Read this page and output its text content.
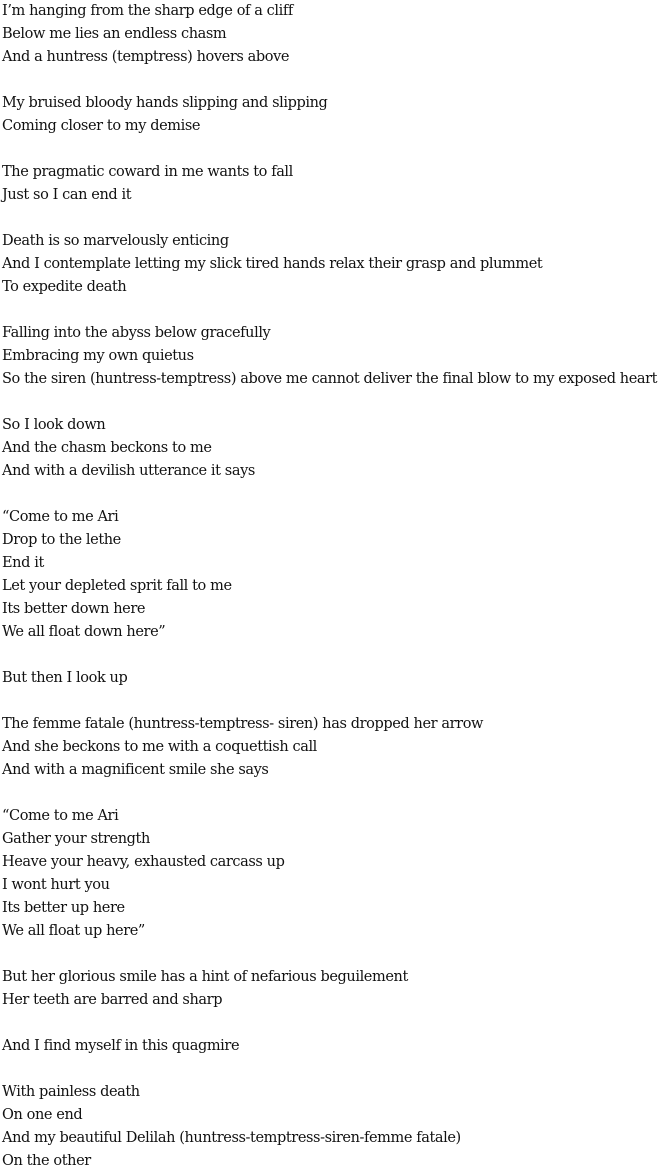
I’m hanging from the sharp edge of a cliff
Below me lies an endless chasm
And a huntress (temptress) hovers above
My bruised bloody hands slipping and slipping
Coming closer to my demise
The pragmatic coward in me wants to fall
Just so I can end it
Death is so marvelously enticing
And I contemplate letting my slick tired hands relax their grasp and plummet
To expedite death
Falling into the abyss below gracefully
Embracing my own quietus
So the siren (huntress-temptress) above me cannot deliver the final blow to my exposed heart
So I look down
And the chasm beckons to me
And with a devilish utterance it says
“Come to me Ari
Drop to the lethe
End it
Let your depleted sprit fall to me
Its better down here
We all float down here”
But then I look up
The femme fatale (huntress-temptress- siren) has dropped her arrow
And she beckons to me with a coquettish call
And with a magnificent smile she says
“Come to me Ari
Gather your strength
Heave your heavy, exhausted carcass up
I wont hurt you
Its better up here
We all float up here”
But her glorious smile has a hint of nefarious beguilement
Her teeth are barred and sharp
And I find myself in this quagmire
With painless death
On one end
And my beautiful Delilah (huntress-temptress-siren-femme fatale)
On the other
